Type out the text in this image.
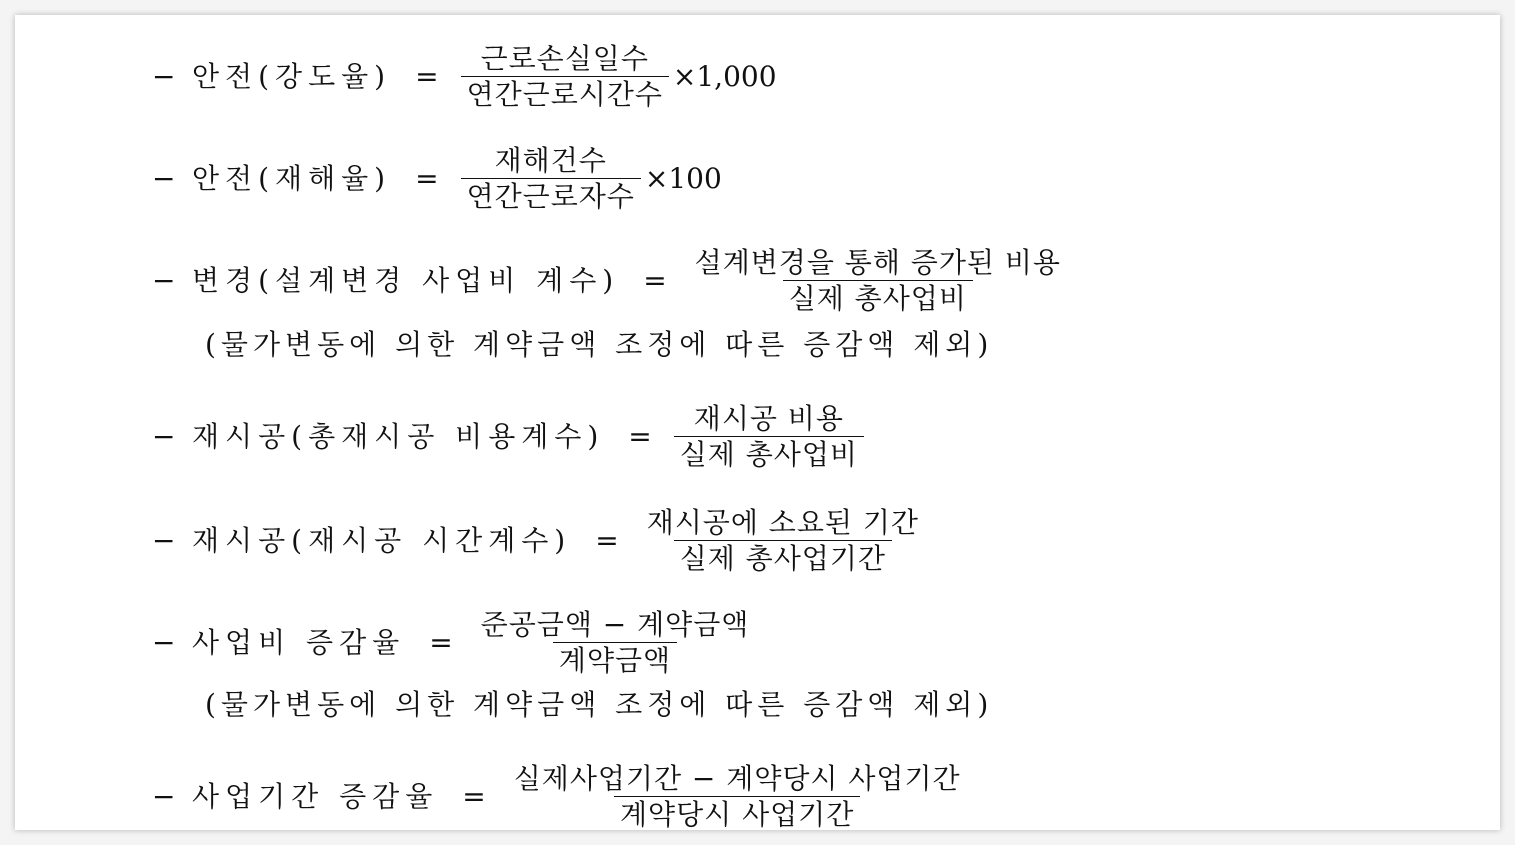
− 안전(강도율) = $\frac{\text{근로손실일수}}{\text{연간근로시간수}} \times 1,000$
− 안전(재해율) = $\frac{\text{재해건수}}{\text{연간근로자수}} \times 100$
− 변경(설계변경 사업비 계수) = $\frac{\text{설계변경을 통해 증가된 비용}}{\text{실제 총사업비}}$
(물가변동에 의한 계약금액 조정에 따른 증감액 제외)
− 재시공(총재시공 비용계수) = $\frac{\text{재시공 비용}}{\text{실제 총사업비}}$
− 재시공(재시공 시간계수) = $\frac{\text{재시공에 소요된 기간}}{\text{실제 총사업기간}}$
− 사업비 증감율 = $\frac{\text{준공금액 − 계약금액}}{\text{계약금액}}$
(물가변동에 의한 계약금액 조정에 따른 증감액 제외)
− 사업기간 증감율 = $\frac{\text{실제사업기간 − 계약당시 사업기간}}{\text{계약당시 사업기간}}$
